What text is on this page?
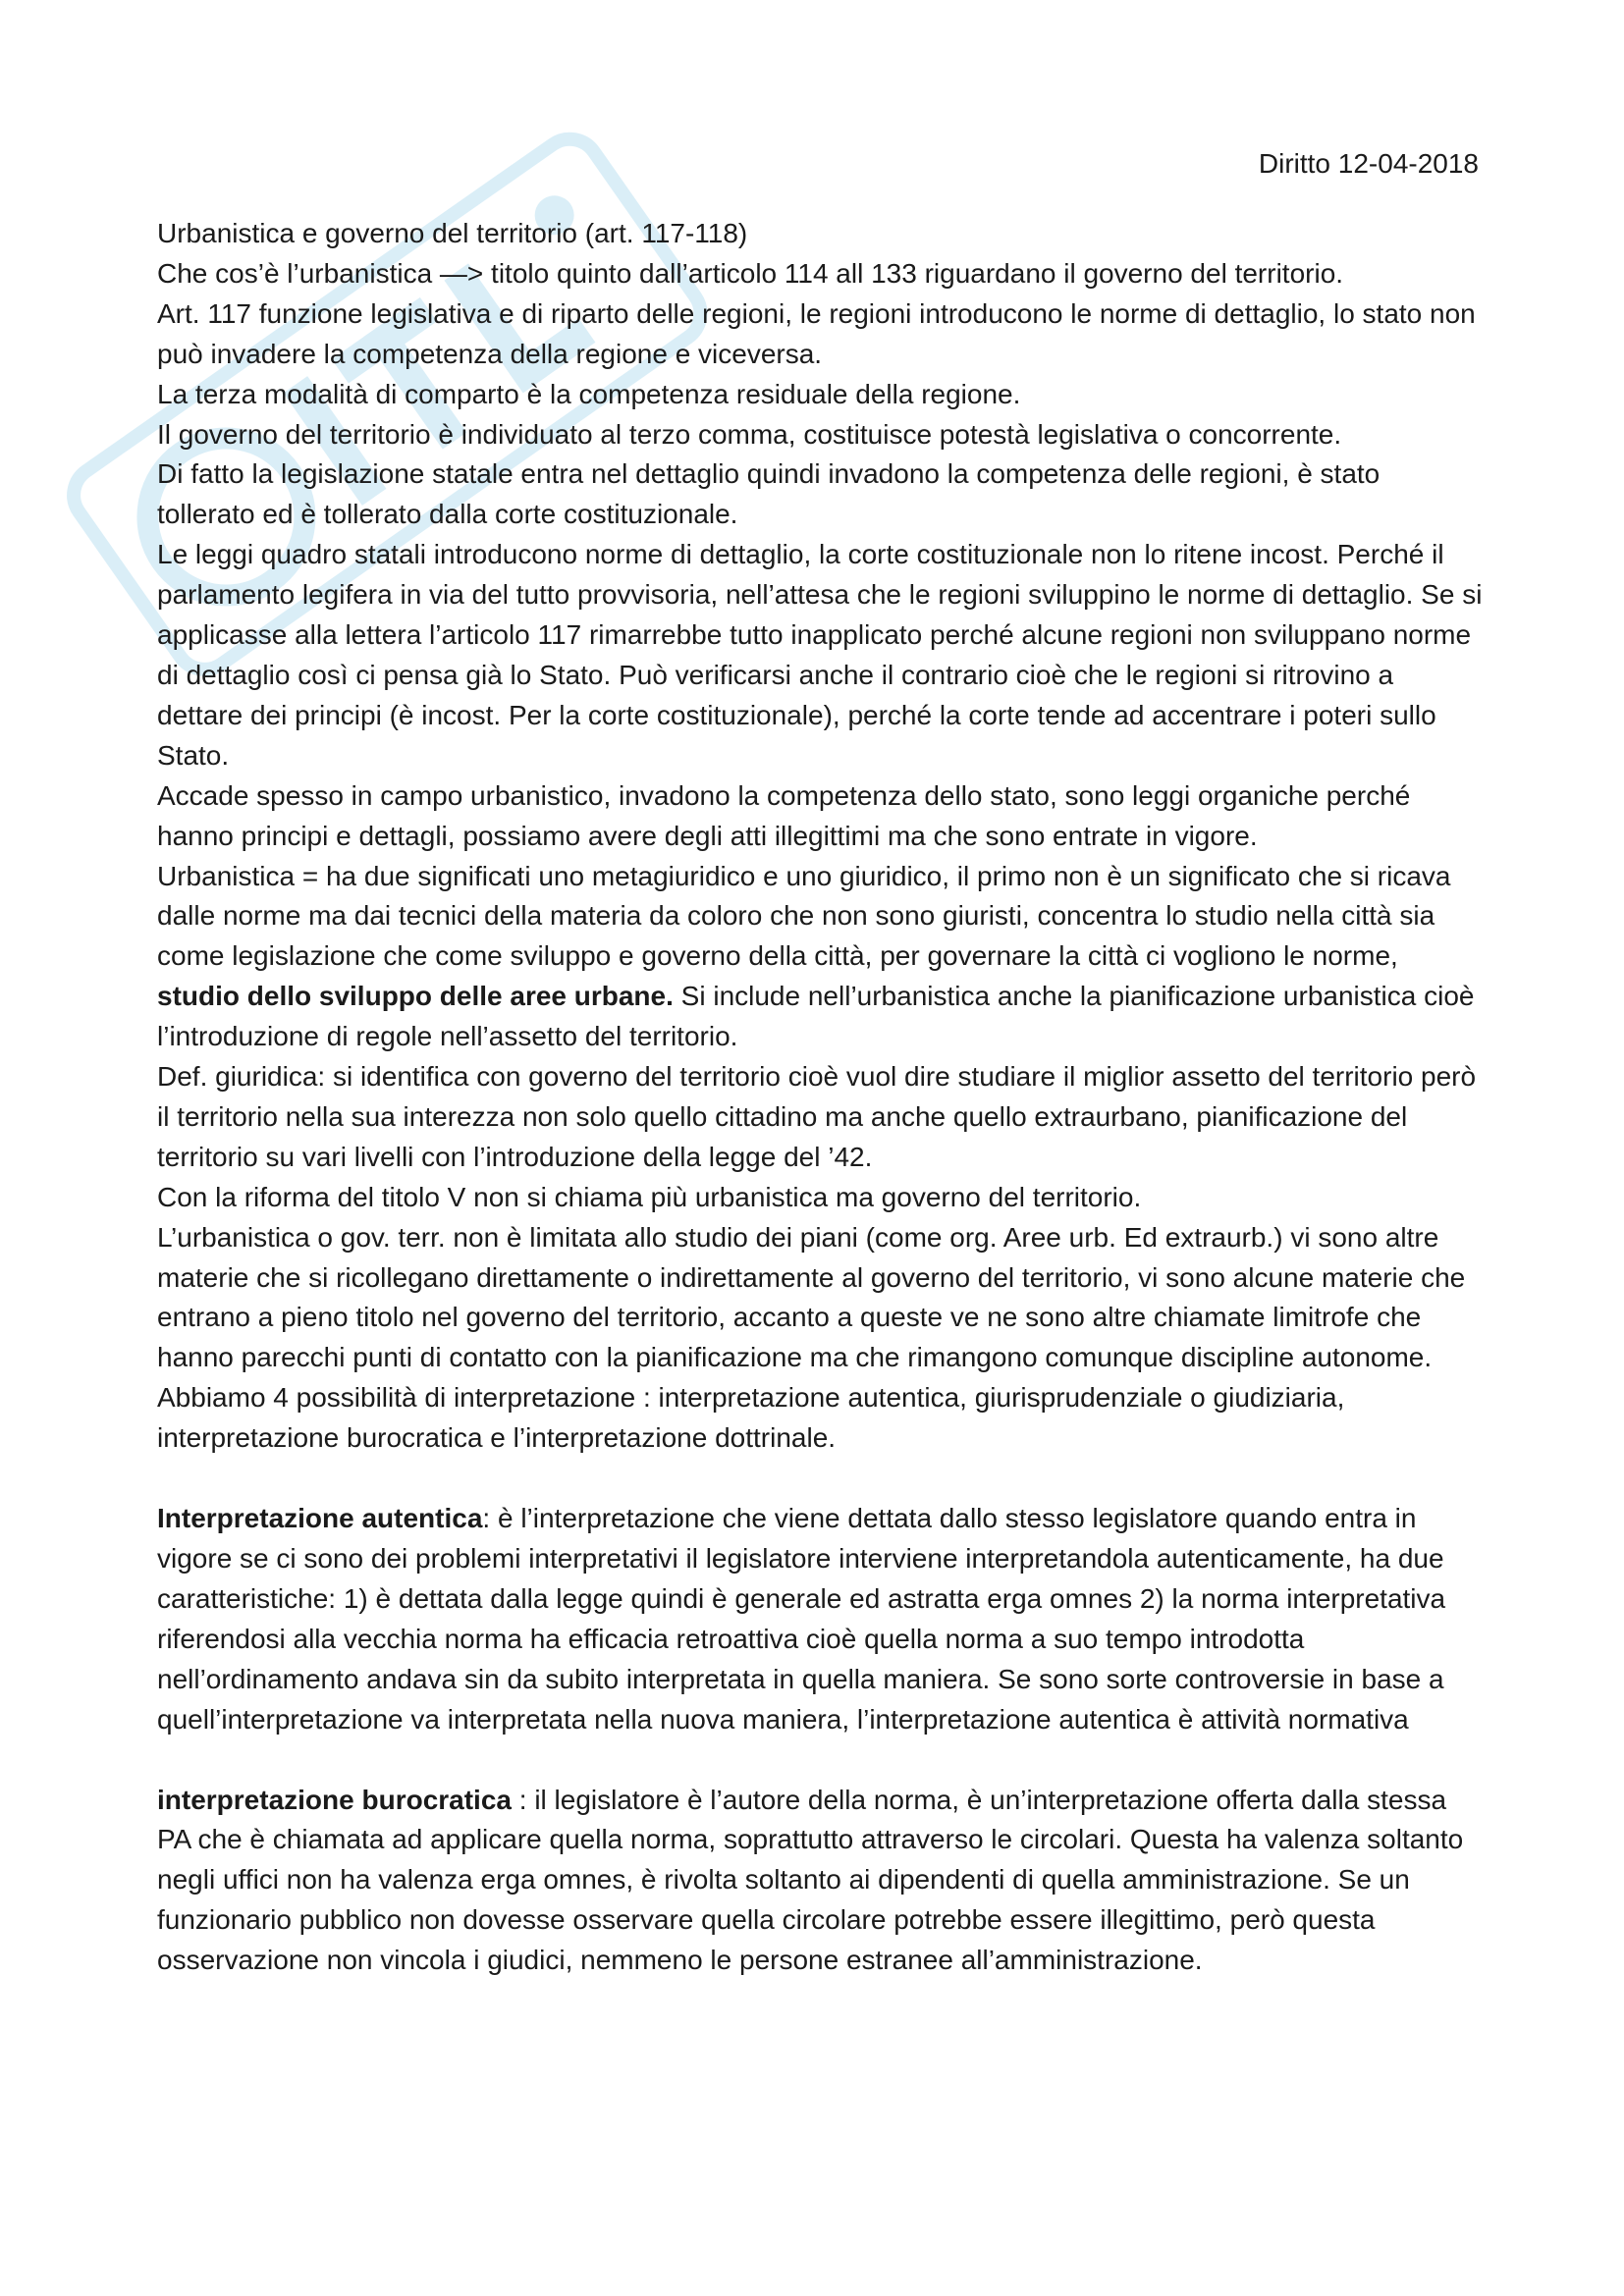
Diritto 12-04-2018

Urbanistica e governo del territorio (art. 117-118)

Che cos’è l’urbanistica —> titolo quinto dall’articolo 114 all 133 riguardano il governo del territorio.

Art. 117 funzione legislativa e di riparto delle regioni, le regioni introducono le norme di dettaglio, lo stato non può invadere la competenza della regione e viceversa.

La terza modalità di comparto è la competenza residuale della regione.

Il governo del territorio è individuato al terzo comma, costituisce potestà legislativa o concorrente.

Di fatto la legislazione statale entra nel dettaglio quindi invadono la competenza delle regioni, è stato tollerato ed è tollerato dalla corte costituzionale.

Le leggi quadro statali introducono norme di dettaglio, la corte costituzionale non lo ritene incost. Perché il parlamento legifera in via del tutto provvisoria, nell’attesa che le regioni sviluppino le norme di dettaglio. Se si applicasse alla lettera l’articolo 117 rimarrebbe tutto inapplicato perché alcune regioni non sviluppano norme di dettaglio così ci pensa già lo Stato. Può verificarsi anche il contrario cioè che le regioni si ritrovino a dettare dei principi (è incost. Per la corte costituzionale), perché la corte tende ad accentrare i poteri sullo Stato.

Accade spesso in campo urbanistico, invadono la competenza dello stato, sono leggi organiche perché hanno principi e dettagli, possiamo avere degli atti illegittimi ma che sono entrate in vigore.

Urbanistica = ha due significati uno metagiuridico e uno giuridico, il primo non è un significato che si ricava dalle norme ma dai tecnici della materia da coloro che non sono giuristi, concentra lo studio nella città sia come legislazione che come sviluppo e governo della città, per governare la città ci vogliono le norme, studio dello sviluppo delle aree urbane. Si include nell’urbanistica anche la pianificazione urbanistica cioè l’introduzione di regole nell’assetto del territorio.

Def. giuridica: si identifica con governo del territorio cioè vuol dire studiare il miglior assetto del territorio però il territorio nella sua interezza non solo quello cittadino ma anche quello extraurbano, pianificazione del territorio su vari livelli con l’introduzione della legge del ’42.

Con la riforma del titolo V non si chiama più urbanistica ma governo del territorio.

L’urbanistica o gov. terr. non è limitata allo studio dei piani (come org. Aree urb. Ed extraurb.) vi sono altre materie che si ricollegano direttamente o indirettamente al governo del territorio, vi sono alcune materie che entrano a pieno titolo nel governo del territorio, accanto a queste ve ne sono altre chiamate limitrofe che hanno parecchi punti di contatto con la pianificazione ma che rimangono comunque discipline autonome.

Abbiamo 4 possibilità di interpretazione : interpretazione autentica, giurisprudenziale o giudiziaria, interpretazione burocratica e l’interpretazione dottrinale.

Interpretazione autentica: è l’interpretazione che viene dettata dallo stesso legislatore quando entra in vigore se ci sono dei problemi interpretativi il legislatore interviene interpretandola autenticamente, ha due caratteristiche: 1) è dettata dalla legge quindi è generale ed astratta erga omnes 2) la norma interpretativa riferendosi alla vecchia norma ha efficacia retroattiva cioè quella norma a suo tempo introdotta nell’ordinamento andava sin da subito interpretata in quella maniera. Se sono sorte controversie in base a quell’interpretazione va interpretata nella nuova maniera, l’interpretazione autentica è attività normativa

interpretazione burocratica : il legislatore è l’autore della norma, è un’interpretazione offerta dalla stessa PA che è chiamata ad applicare quella norma, soprattutto attraverso le circolari. Questa ha valenza soltanto negli uffici non ha valenza erga omnes, è rivolta soltanto ai dipendenti di quella amministrazione. Se un funzionario pubblico non dovesse osservare quella circolare potrebbe essere illegittimo, però questa osservazione non vincola i giudici, nemmeno le persone estranee all’amministrazione.
